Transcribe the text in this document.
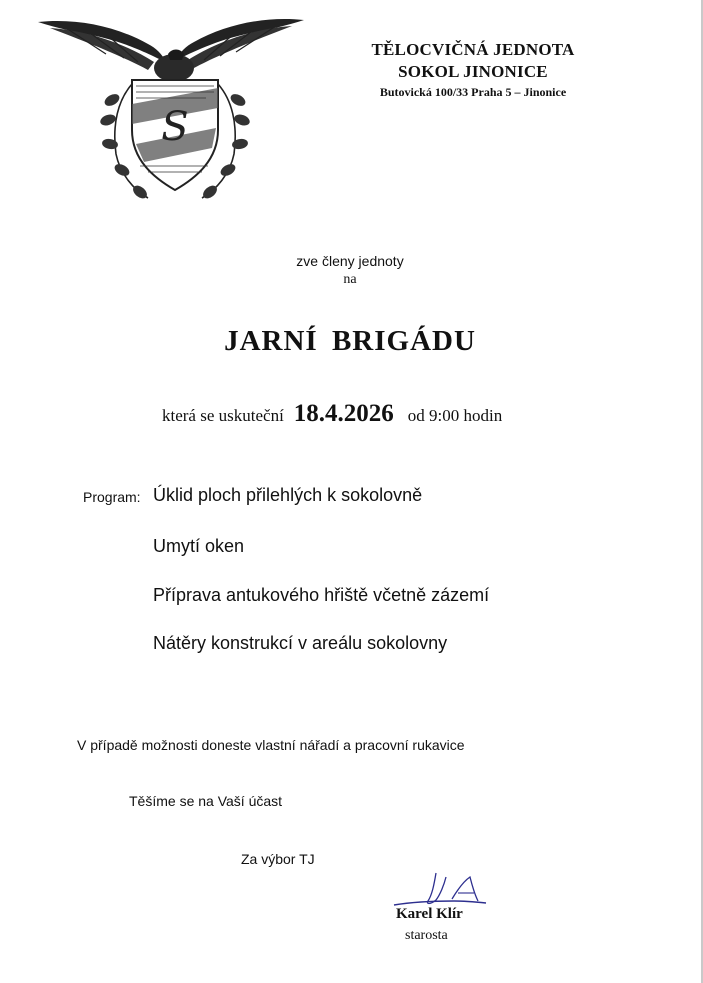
S
TĚLOCVIČNÁ JEDNOTA
SOKOL JINONICE
Butovická 100/33 Praha 5 – Jinonice
zve členy jednoty
na
JARNÍ BRIGÁDU
která se uskuteční 18.4.2026 od 9:00 hodin
Program: Úklid ploch přilehlých k sokolovně
Umytí oken
Příprava antukového hřiště včetně zázemí
Nátěry konstrukcí v areálu sokolovny
V případě možnosti doneste vlastní nářadí a pracovní rukavice
Těšíme se na Vaší účast
Za výbor TJ
Karel Klír
starosta
